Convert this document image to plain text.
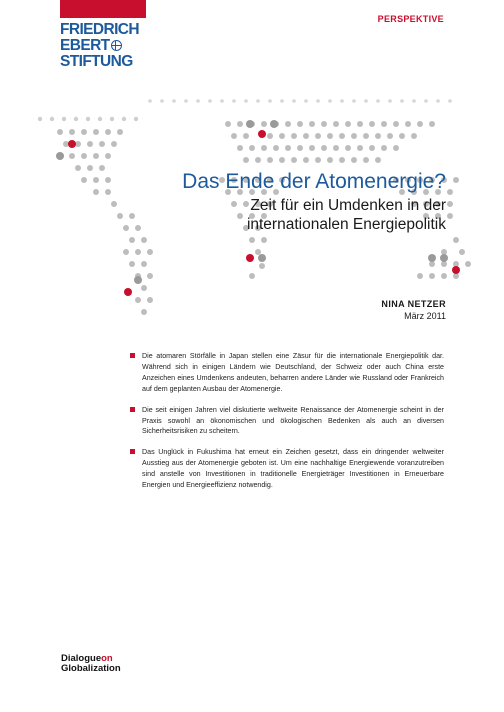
FRIEDRICH
EBERT
STIFTUNG
PERSPEKTIVE
Das Ende der Atomenergie?
Zeit für ein Umdenken in der
internationalen Energiepolitik
NINA NETZER
März 2011
Die atomaren Störfälle in Japan stellen eine Zäsur für die internationale Energiepolitik dar. Während sich in einigen Ländern wie Deutschland, der Schweiz oder auch China erste Anzeichen eines Umdenkens andeuten, beharren andere Länder wie Russland oder Frankreich auf dem geplanten Ausbau der Atomenergie.
Die seit einigen Jahren viel diskutierte weltweite Renaissance der Atomenergie scheint in der Praxis sowohl an ökonomischen und ökologischen Bedenken als auch an diversen Sicherheitsrisiken zu scheitern.
Das Unglück in Fukushima hat erneut ein Zeichen gesetzt, dass ein dringender weltweiter Ausstieg aus der Atomenergie geboten ist. Um eine nachhaltige Energiewende voranzutreiben sind anstelle von Investitionen in traditionelle Energieträger Investitionen in Erneuerbare Energien und Energieeffizienz notwendig.
Dialogueon
Globalization
